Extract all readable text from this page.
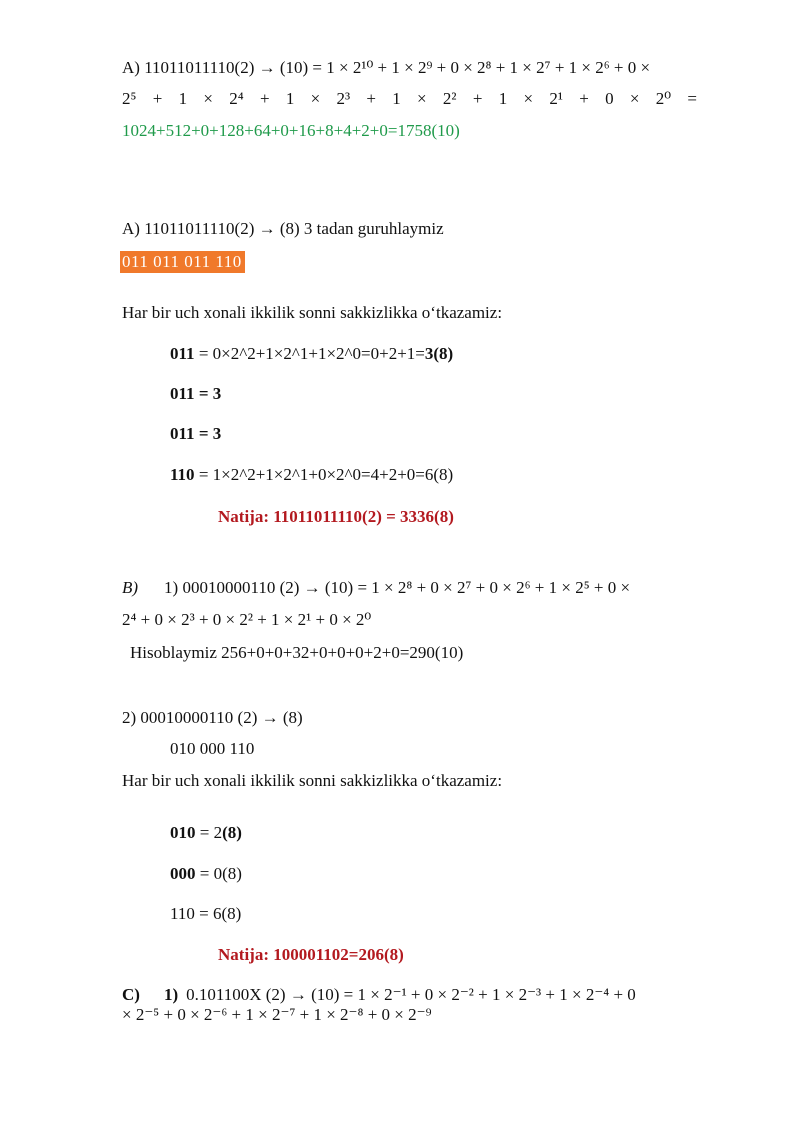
A) 11011011110(2) → (10) = 1 × 2¹⁰ + 1 × 2⁹ + 0 × 2⁸ + 1 × 2⁷ + 1 × 2⁶ + 0 ×
2⁵ + 1 × 2⁴ + 1 × 2³ + 1 × 2² + 1 × 2¹ + 0 × 2⁰ =
1024+512+0+128+64+0+16+8+4+2+0=1758(10)
A) 11011011110(2) → (8) 3 tadan guruhlaymiz
011 011 011 110
Har bir uch xonali ikkilik sonni sakkizlikka o‘tkazamiz:
011 = 0×2^2+1×2^1+1×2^0=0+2+1=3(8)
011 = 3
011 = 3
110 = 1×2^2+1×2^1+0×2^0=4+2+0=6(8)
Natija: 11011011110(2) = 3336(8)
B) 1) 00010000110 (2) → (10) = 1 × 2⁸ + 0 × 2⁷ + 0 × 2⁶ + 1 × 2⁵ + 0 ×
2⁴ + 0 × 2³ + 0 × 2² + 1 × 2¹ + 0 × 2⁰
Hisoblaymiz 256+0+0+32+0+0+0+2+0=290(10)
2) 00010000110 (2) → (8)
010 000 110
Har bir uch xonali ikkilik sonni sakkizlikka o‘tkazamiz:
010 = 2(8)
000 = 0(8)
110 = 6(8)
Natija: 100001102=206(8)
C) 1) 0.101100X (2) → (10) = 1 × 2⁻¹ + 0 × 2⁻² + 1 × 2⁻³ + 1 × 2⁻⁴ + 0
× 2⁻⁵ + 0 × 2⁻⁶ + 1 × 2⁻⁷ + 1 × 2⁻⁸ + 0 × 2⁻⁹
